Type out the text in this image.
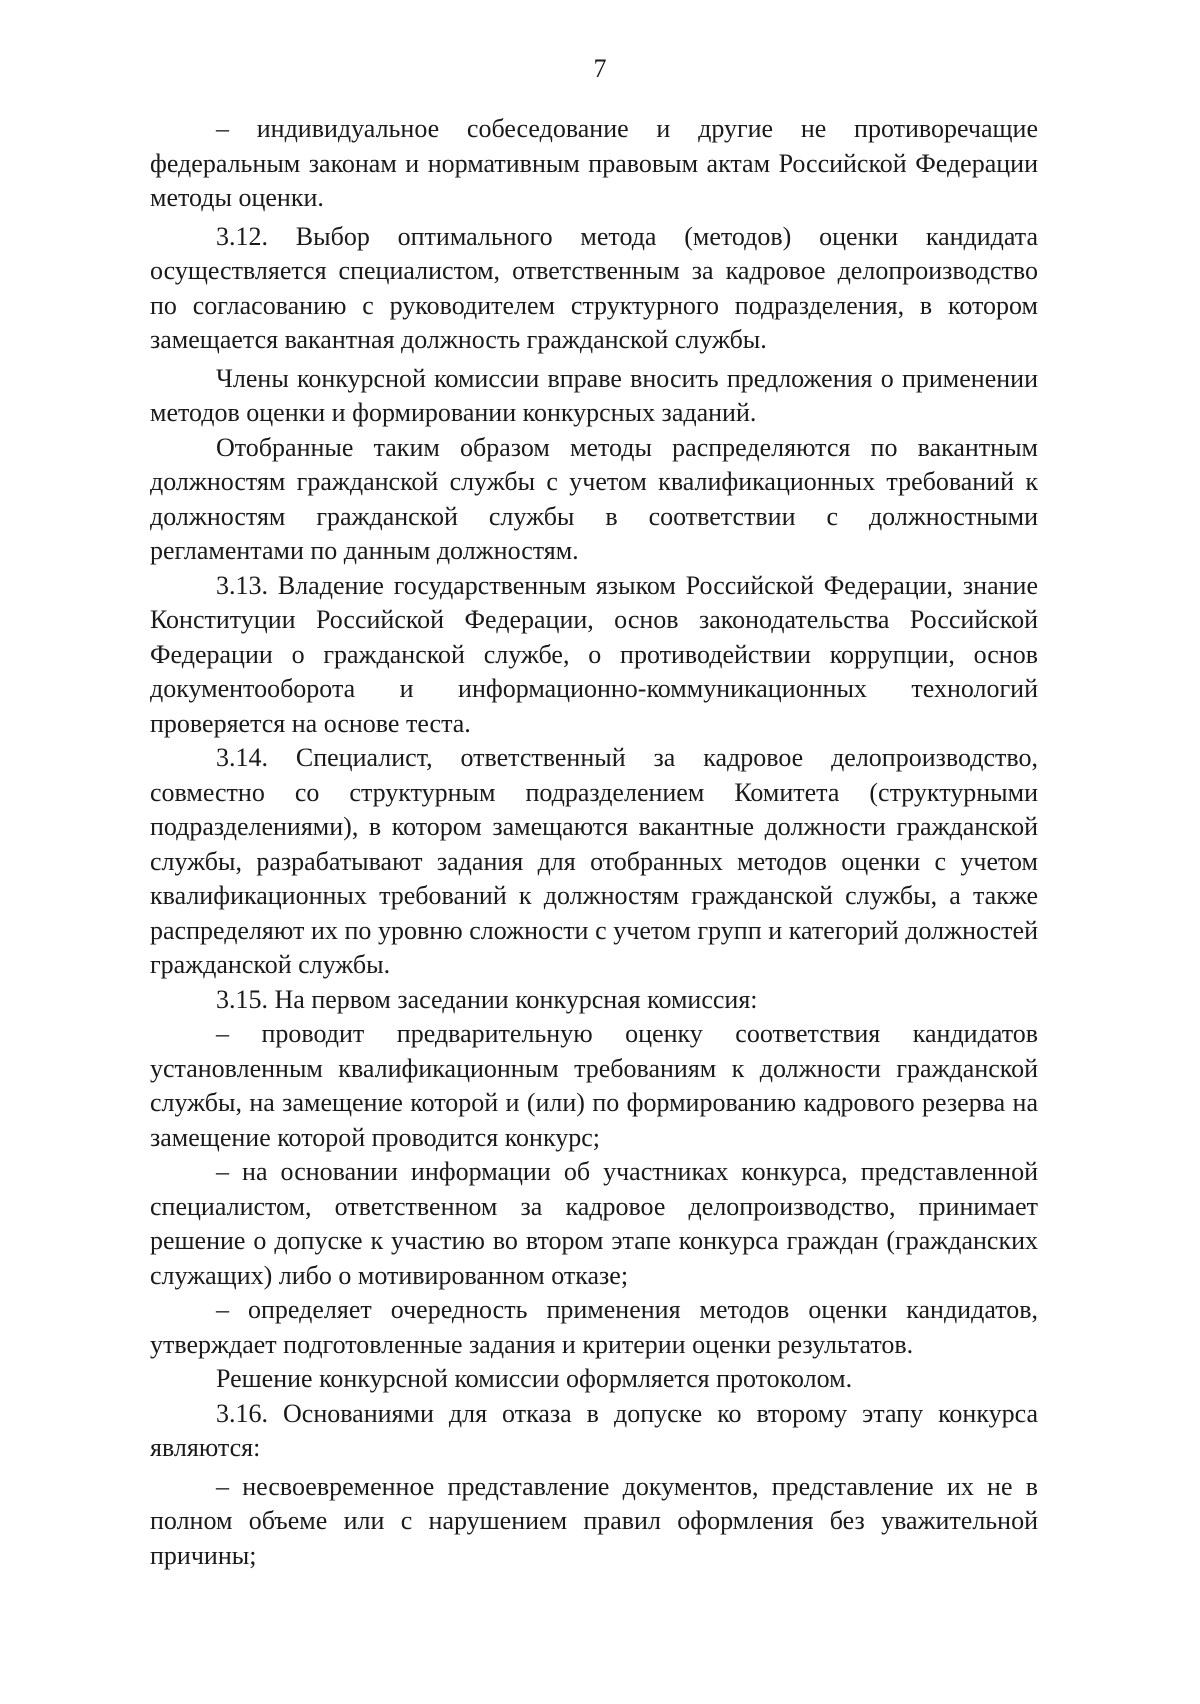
7

– индивидуальное собеседование и другие не противоречащие федеральным законам и нормативным правовым актам Российской Федерации методы оценки.

3.12. Выбор оптимального метода (методов) оценки кандидата осуществляется специалистом, ответственным за кадровое делопроизводство по согласованию с руководителем структурного подразделения, в котором замещается вакантная должность гражданской службы.

Члены конкурсной комиссии вправе вносить предложения о применении методов оценки и формировании конкурсных заданий.

Отобранные таким образом методы распределяются по вакантным должностям гражданской службы с учетом квалификационных требований к должностям гражданской службы в соответствии с должностными регламентами по данным должностям.

3.13. Владение государственным языком Российской Федерации, знание Конституции Российской Федерации, основ законодательства Российской Федерации о гражданской службе, о противодействии коррупции, основ документооборота и информационно-коммуникационных технологий проверяется на основе теста.

3.14. Специалист, ответственный за кадровое делопроизводство, совместно со структурным подразделением Комитета (структурными подразделениями), в котором замещаются вакантные должности гражданской службы, разрабатывают задания для отобранных методов оценки с учетом квалификационных требований к должностям гражданской службы, а также распределяют их по уровню сложности с учетом групп и категорий должностей гражданской службы.

3.15. На первом заседании конкурсная комиссия:

– проводит предварительную оценку соответствия кандидатов установленным квалификационным требованиям к должности гражданской службы, на замещение которой и (или) по формированию кадрового резерва на замещение которой проводится конкурс;

– на основании информации об участниках конкурса, представленной специалистом, ответственном за кадровое делопроизводство, принимает решение о допуске к участию во втором этапе конкурса граждан (гражданских служащих) либо о мотивированном отказе;

– определяет очередность применения методов оценки кандидатов, утверждает подготовленные задания и критерии оценки результатов.

Решение конкурсной комиссии оформляется протоколом.

3.16. Основаниями для отказа в допуске ко второму этапу конкурса являются:

– несвоевременное представление документов, представление их не в полном объеме или с нарушением правил оформления без уважительной причины;
